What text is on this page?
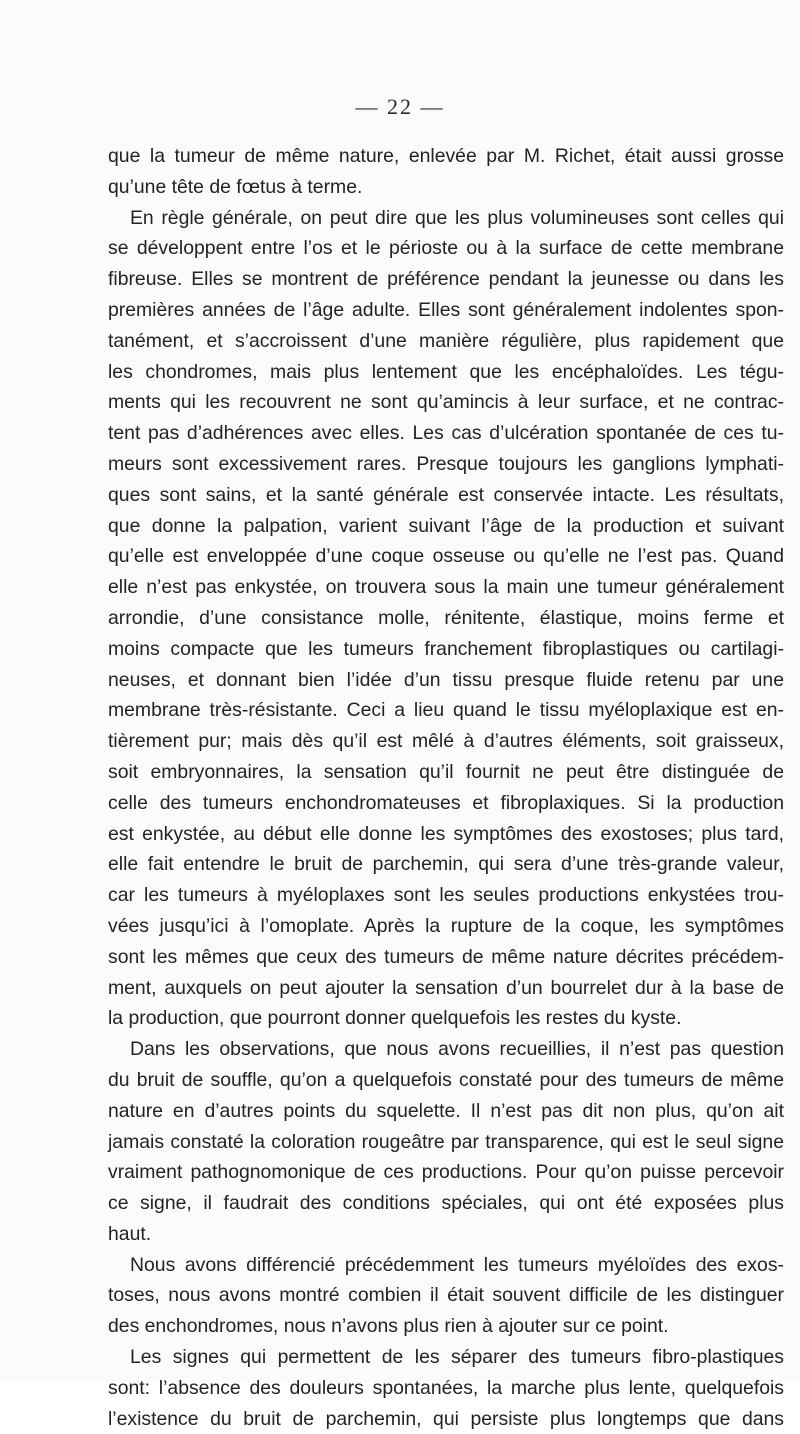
— 22 —
que la tumeur de même nature, enlevée par M. Richet, était aussi grosse
qu’une tête de fœtus à terme.
En règle générale, on peut dire que les plus volumineuses sont celles qui
se développent entre l’os et le périoste ou à la surface de cette membrane
fibreuse. Elles se montrent de préférence pendant la jeunesse ou dans les
premières années de l’âge adulte. Elles sont généralement indolentes spon-
tanément, et s’accroissent d’une manière régulière, plus rapidement que
les chondromes, mais plus lentement que les encéphaloïdes. Les tégu-
ments qui les recouvrent ne sont qu’amincis à leur surface, et ne contrac-
tent pas d’adhérences avec elles. Les cas d’ulcération spontanée de ces tu-
meurs sont excessivement rares. Presque toujours les ganglions lymphati-
ques sont sains, et la santé générale est conservée intacte. Les résultats,
que donne la palpation, varient suivant l’âge de la production et suivant
qu’elle est enveloppée d’une coque osseuse ou qu’elle ne l’est pas. Quand
elle n’est pas enkystée, on trouvera sous la main une tumeur généralement
arrondie, d’une consistance molle, rénitente, élastique, moins ferme et
moins compacte que les tumeurs franchement fibroplastiques ou cartilagi-
neuses, et donnant bien l’idée d’un tissu presque fluide retenu par une
membrane très-résistante. Ceci a lieu quand le tissu myéloplaxique est en-
tièrement pur; mais dès qu’il est mêlé à d’autres éléments, soit graisseux,
soit embryonnaires, la sensation qu’il fournit ne peut être distinguée de
celle des tumeurs enchondromateuses et fibroplaxiques. Si la production
est enkystée, au début elle donne les symptômes des exostoses; plus tard,
elle fait entendre le bruit de parchemin, qui sera d’une très-grande valeur,
car les tumeurs à myéloplaxes sont les seules productions enkystées trou-
vées jusqu’ici à l’omoplate. Après la rupture de la coque, les symptômes
sont les mêmes que ceux des tumeurs de même nature décrites précédem-
ment, auxquels on peut ajouter la sensation d’un bourrelet dur à la base de
la production, que pourront donner quelquefois les restes du kyste.
Dans les observations, que nous avons recueillies, il n’est pas question
du bruit de souffle, qu’on a quelquefois constaté pour des tumeurs de même
nature en d’autres points du squelette. Il n’est pas dit non plus, qu’on ait
jamais constaté la coloration rougeâtre par transparence, qui est le seul signe
vraiment pathognomonique de ces productions. Pour qu’on puisse percevoir
ce signe, il faudrait des conditions spéciales, qui ont été exposées plus
haut.
Nous avons différencié précédemment les tumeurs myéloïdes des exos-
toses, nous avons montré combien il était souvent difficile de les distinguer
des enchondromes, nous n’avons plus rien à ajouter sur ce point.
Les signes qui permettent de les séparer des tumeurs fibro-plastiques
sont: l’absence des douleurs spontanées, la marche plus lente, quelquefois
l’existence du bruit de parchemin, qui persiste plus longtemps que dans
